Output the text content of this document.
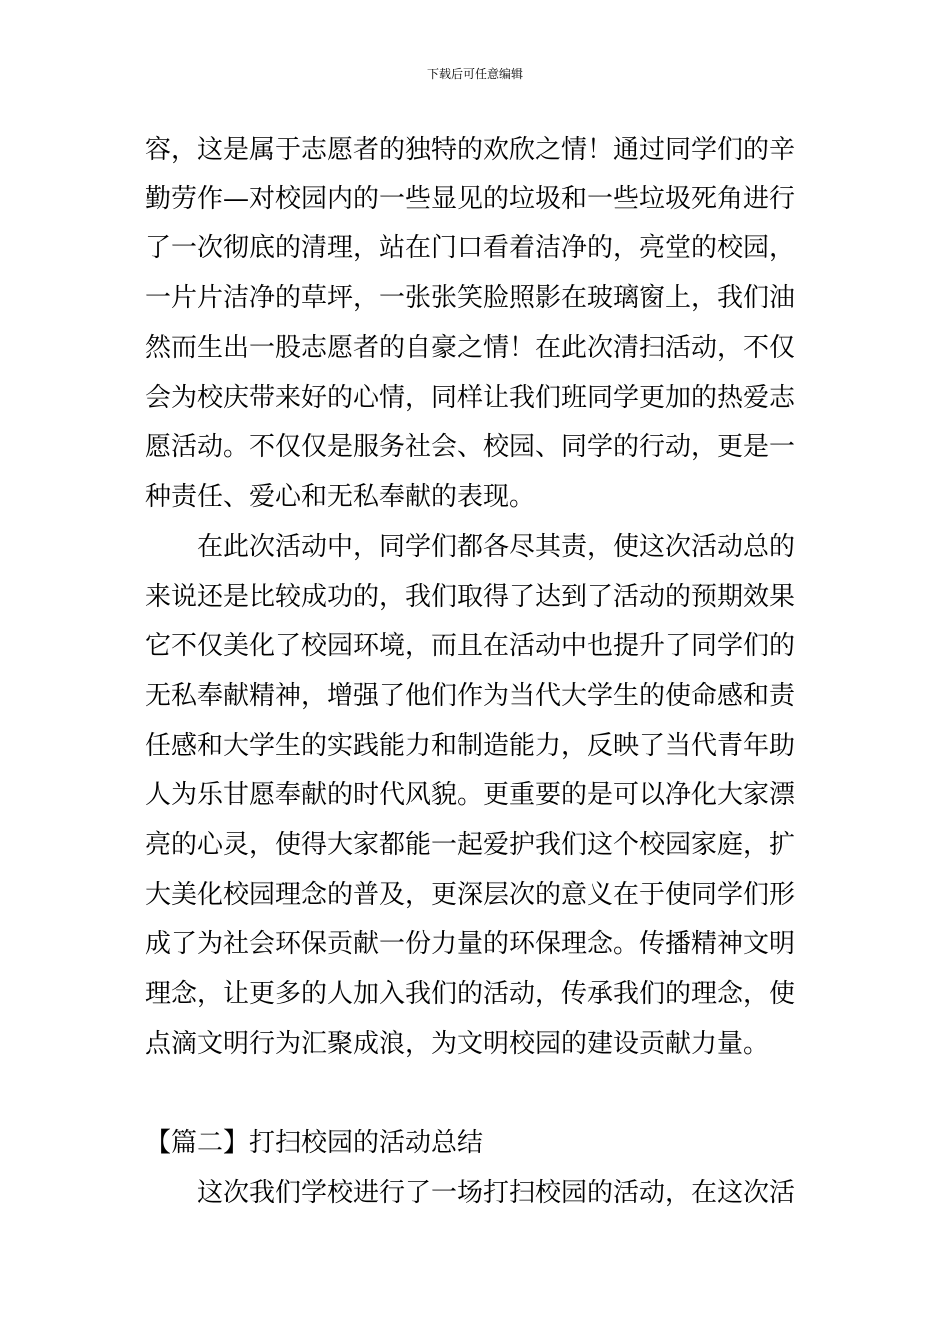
下载后可任意编辑
容，这是属于志愿者的独特的欢欣之情！通过同学们的辛
勤劳作—对校园内的一些显见的垃圾和一些垃圾死角进行
了一次彻底的清理，站在门口看着洁净的，亮堂的校园，
一片片洁净的草坪，一张张笑脸照影在玻璃窗上，我们油
然而生出一股志愿者的自豪之情！在此次清扫活动，不仅
会为校庆带来好的心情，同样让我们班同学更加的热爱志
愿活动。不仅仅是服务社会、校园、同学的行动，更是一
种责任、爱心和无私奉献的表现。
在此次活动中，同学们都各尽其责，使这次活动总的
来说还是比较成功的，我们取得了达到了活动的预期效果
它不仅美化了校园环境，而且在活动中也提升了同学们的
无私奉献精神，增强了他们作为当代大学生的使命感和责
任感和大学生的实践能力和制造能力，反映了当代青年助
人为乐甘愿奉献的时代风貌。更重要的是可以净化大家漂
亮的心灵，使得大家都能一起爱护我们这个校园家庭，扩
大美化校园理念的普及，更深层次的意义在于使同学们形
成了为社会环保贡献一份力量的环保理念。传播精神文明
理念，让更多的人加入我们的活动，传承我们的理念，使
点滴文明行为汇聚成浪，为文明校园的建设贡献力量。
【篇二】打扫校园的活动总结
这次我们学校进行了一场打扫校园的活动，在这次活
